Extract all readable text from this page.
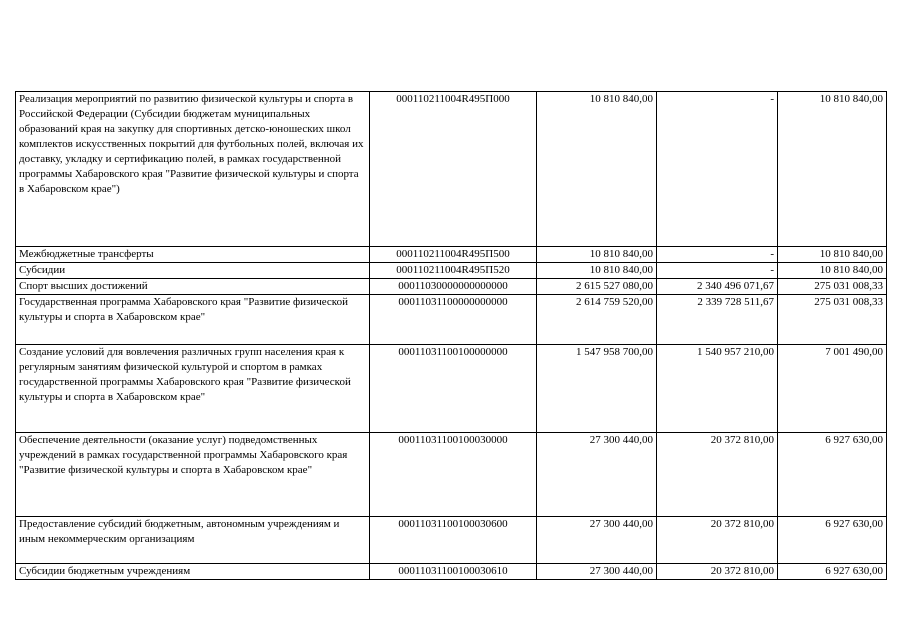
Реализация мероприятий по развитию физической культуры и спорта в Российской Федерации (Субсидии бюджетам муниципальных образований края на закупку для спортивных детско-юношеских школ комплектов искусственных покрытий для футбольных полей, включая их доставку, укладку и сертификацию полей, в рамках государственной программы Хабаровского края "Развитие физической культуры и спорта в Хабаровском крае")	000110211004R495П000	10 810 840,00	-	10 810 840,00
Межбюджетные трансферты	000110211004R495П500	10 810 840,00	-	10 810 840,00
Субсидии	000110211004R495П520	10 810 840,00	-	10 810 840,00
Спорт высших достижений	00011030000000000000	2 615 527 080,00	2 340 496 071,67	275 031 008,33
Государственная программа Хабаровского края "Развитие физической культуры и спорта в Хабаровском крае"	00011031100000000000	2 614 759 520,00	2 339 728 511,67	275 031 008,33
Создание условий для вовлечения различных групп населения края к регулярным занятиям физической культурой и спортом в рамках государственной программы Хабаровского края "Развитие физической культуры и спорта в Хабаровском крае"	00011031100100000000	1 547 958 700,00	1 540 957 210,00	7 001 490,00
Обеспечение деятельности (оказание услуг) подведомственных учреждений в рамках государственной программы Хабаровского края "Развитие физической культуры и спорта в Хабаровском крае"	00011031100100030000	27 300 440,00	20 372 810,00	6 927 630,00
Предоставление субсидий бюджетным, автономным учреждениям и иным некоммерческим организациям	00011031100100030600	27 300 440,00	20 372 810,00	6 927 630,00
Субсидии бюджетным учреждениям	00011031100100030610	27 300 440,00	20 372 810,00	6 927 630,00
